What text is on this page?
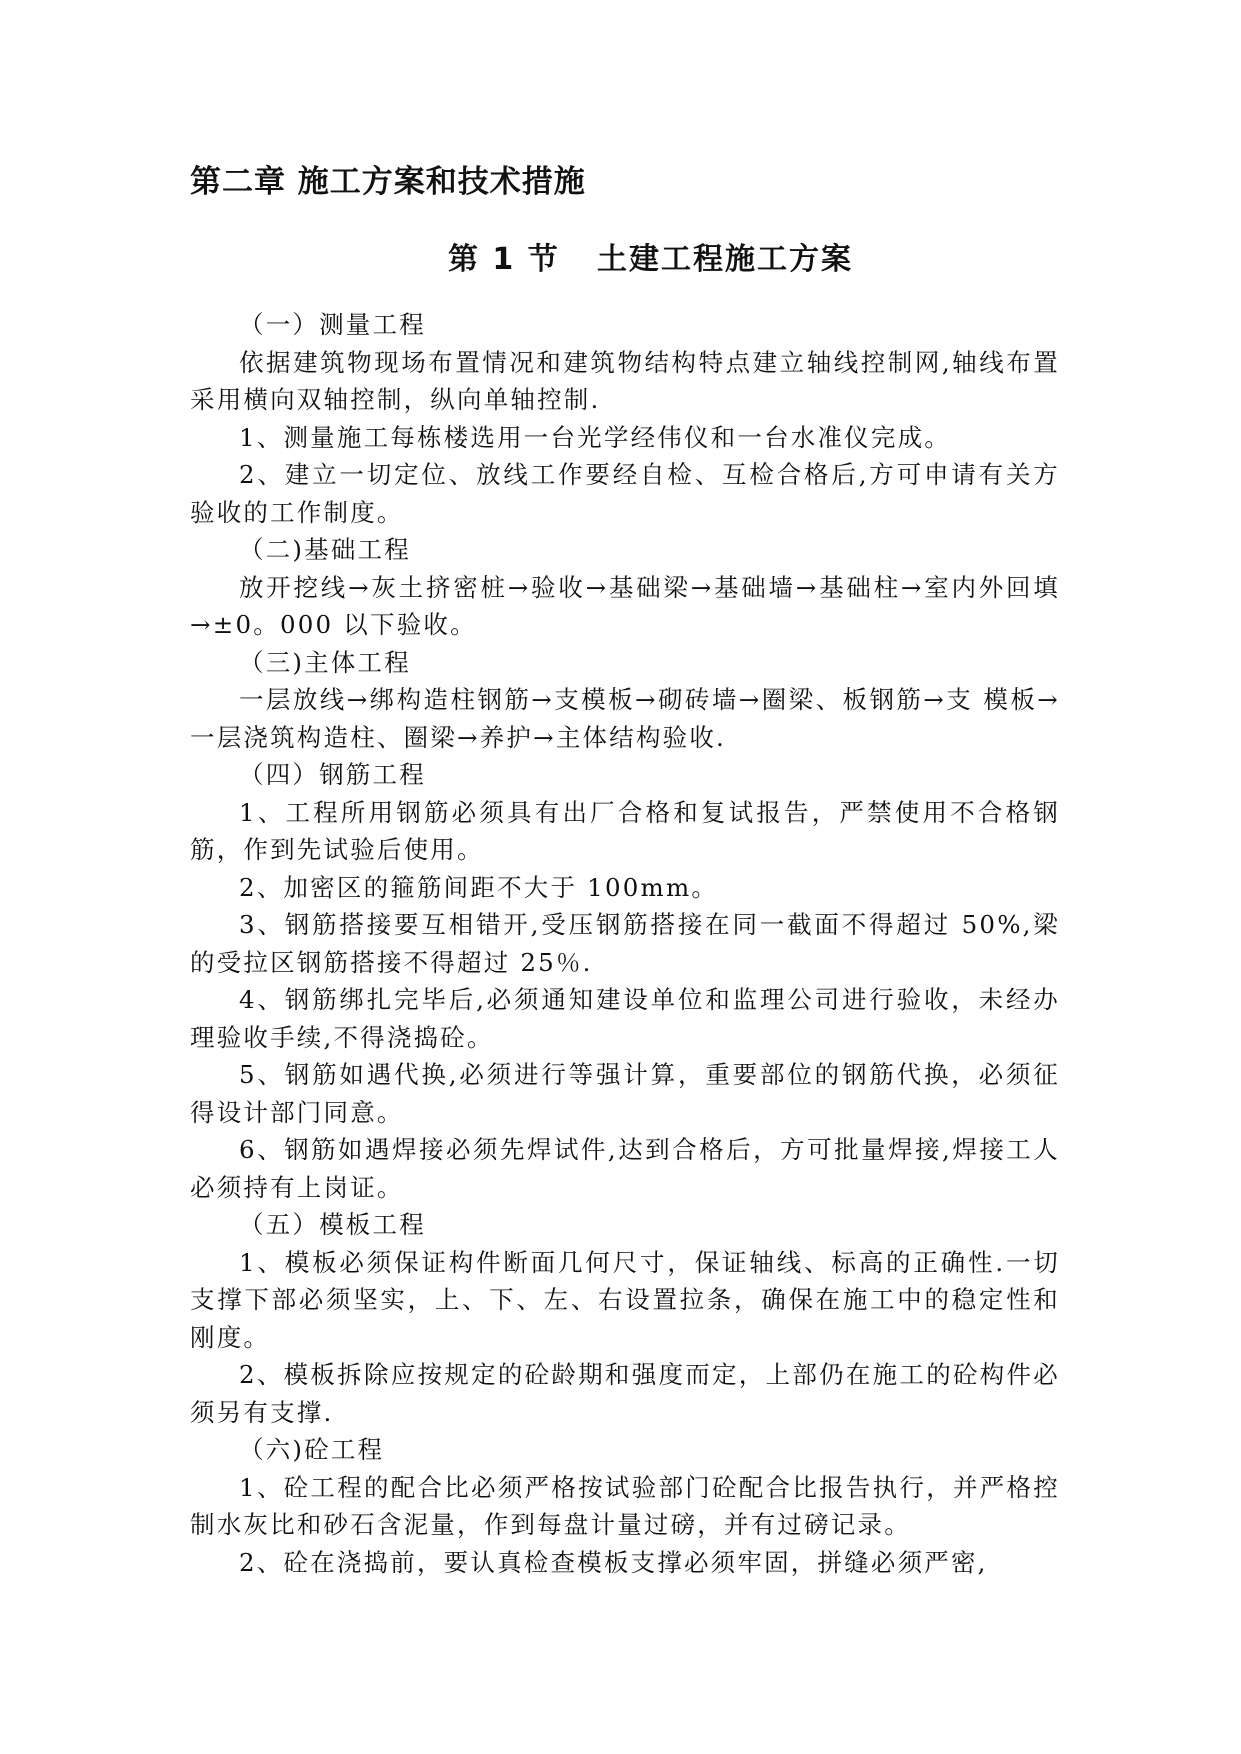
第二章 施工方案和技术措施
第 1 节   土建工程施工方案

（一）测量工程

依据建筑物现场布置情况和建筑物结构特点建立轴线控制网,轴线布置采用横向双轴控制，纵向单轴控制.

1、测量施工每栋楼选用一台光学经伟仪和一台水准仪完成。

2、建立一切定位、放线工作要经自检、互检合格后,方可申请有关方验收的工作制度。

（二)基础工程

放开挖线→灰土挤密桩→验收→基础梁→基础墙→基础柱→室内外回填→±0。000 以下验收。

（三)主体工程

一层放线→绑构造柱钢筋→支模板→砌砖墙→圈梁、板钢筋→支 模板→一层浇筑构造柱、圈梁→养护→主体结构验收.

（四）钢筋工程

1、工程所用钢筋必须具有出厂合格和复试报告，严禁使用不合格钢筋，作到先试验后使用。

2、加密区的箍筋间距不大于 100mm。

3、钢筋搭接要互相错开,受压钢筋搭接在同一截面不得超过 50%,梁的受拉区钢筋搭接不得超过 25％.

4、钢筋绑扎完毕后,必须通知建设单位和监理公司进行验收，未经办理验收手续,不得浇捣砼。

5、钢筋如遇代换,必须进行等强计算，重要部位的钢筋代换，必须征得设计部门同意。

6、钢筋如遇焊接必须先焊试件,达到合格后，方可批量焊接,焊接工人必须持有上岗证。

（五）模板工程

1、模板必须保证构件断面几何尺寸，保证轴线、标高的正确性.一切支撑下部必须坚实，上、下、左、右设置拉条，确保在施工中的稳定性和刚度。

2、模板拆除应按规定的砼龄期和强度而定，上部仍在施工的砼构件必须另有支撑.

（六)砼工程

1、砼工程的配合比必须严格按试验部门砼配合比报告执行，并严格控制水灰比和砂石含泥量，作到每盘计量过磅，并有过磅记录。

2、砼在浇捣前，要认真检查模板支撑必须牢固，拼缝必须严密,
